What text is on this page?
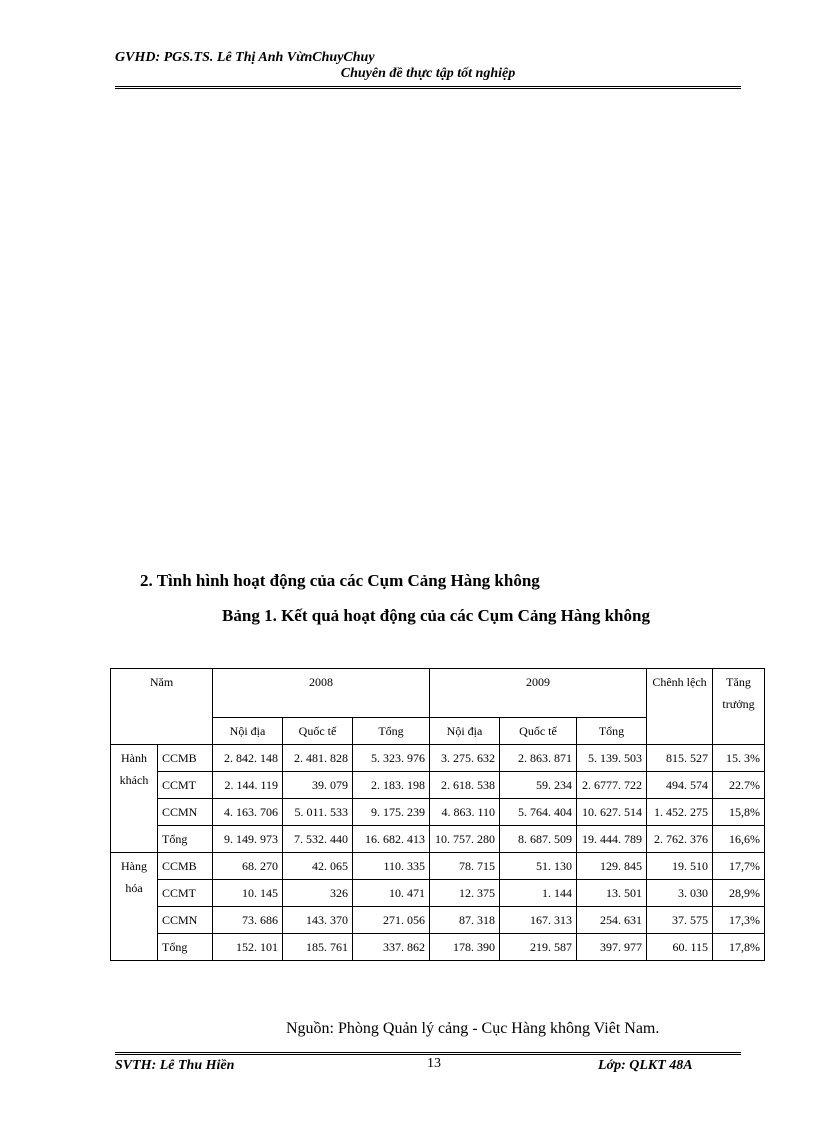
GVHD: PGS.TS. Lê Thị Anh VừnChuyChuy
Chuyên đề thực tập tốt nghiệp
2. Tình hình hoạt động của các Cụm Cảng Hàng không
Bảng 1. Kết quả hoạt động của các Cụm Cảng Hàng không
Năm		2008			2009			Chênh lệch	Tăng trưởng
		Nội địa	Quốc tế	Tổng	Nội địa	Quốc tế	Tổng		
Hành khách	CCMB	2. 842. 148	2. 481. 828	5. 323. 976	3. 275. 632	2. 863. 871	5. 139. 503	815. 527	15. 3%
	CCMT	2. 144. 119	39. 079	2. 183. 198	2. 618. 538	59. 234	2. 6777. 722	494. 574	22.7%
	CCMN	4. 163. 706	5. 011. 533	9. 175. 239	4. 863. 110	5. 764. 404	10. 627. 514	1. 452. 275	15,8%
	Tổng	9. 149. 973	7. 532. 440	16. 682. 413	10. 757. 280	8. 687. 509	19. 444. 789	2. 762. 376	16,6%
Hàng hóa	CCMB	68. 270	42. 065	110. 335	78. 715	51. 130	129. 845	19. 510	17,7%
	CCMT	10. 145	326	10. 471	12. 375	1. 144	13. 501	3. 030	28,9%
	CCMN	73. 686	143. 370	271. 056	87. 318	167. 313	254. 631	37. 575	17,3%
	Tổng	152. 101	185. 761	337. 862	178. 390	219. 587	397. 977	60. 115	17,8%
Nguồn: Phòng Quản lý cảng - Cục Hàng không Viêt Nam.
SVTH: Lê Thu Hiền	13	Lớp: QLKT 48A
